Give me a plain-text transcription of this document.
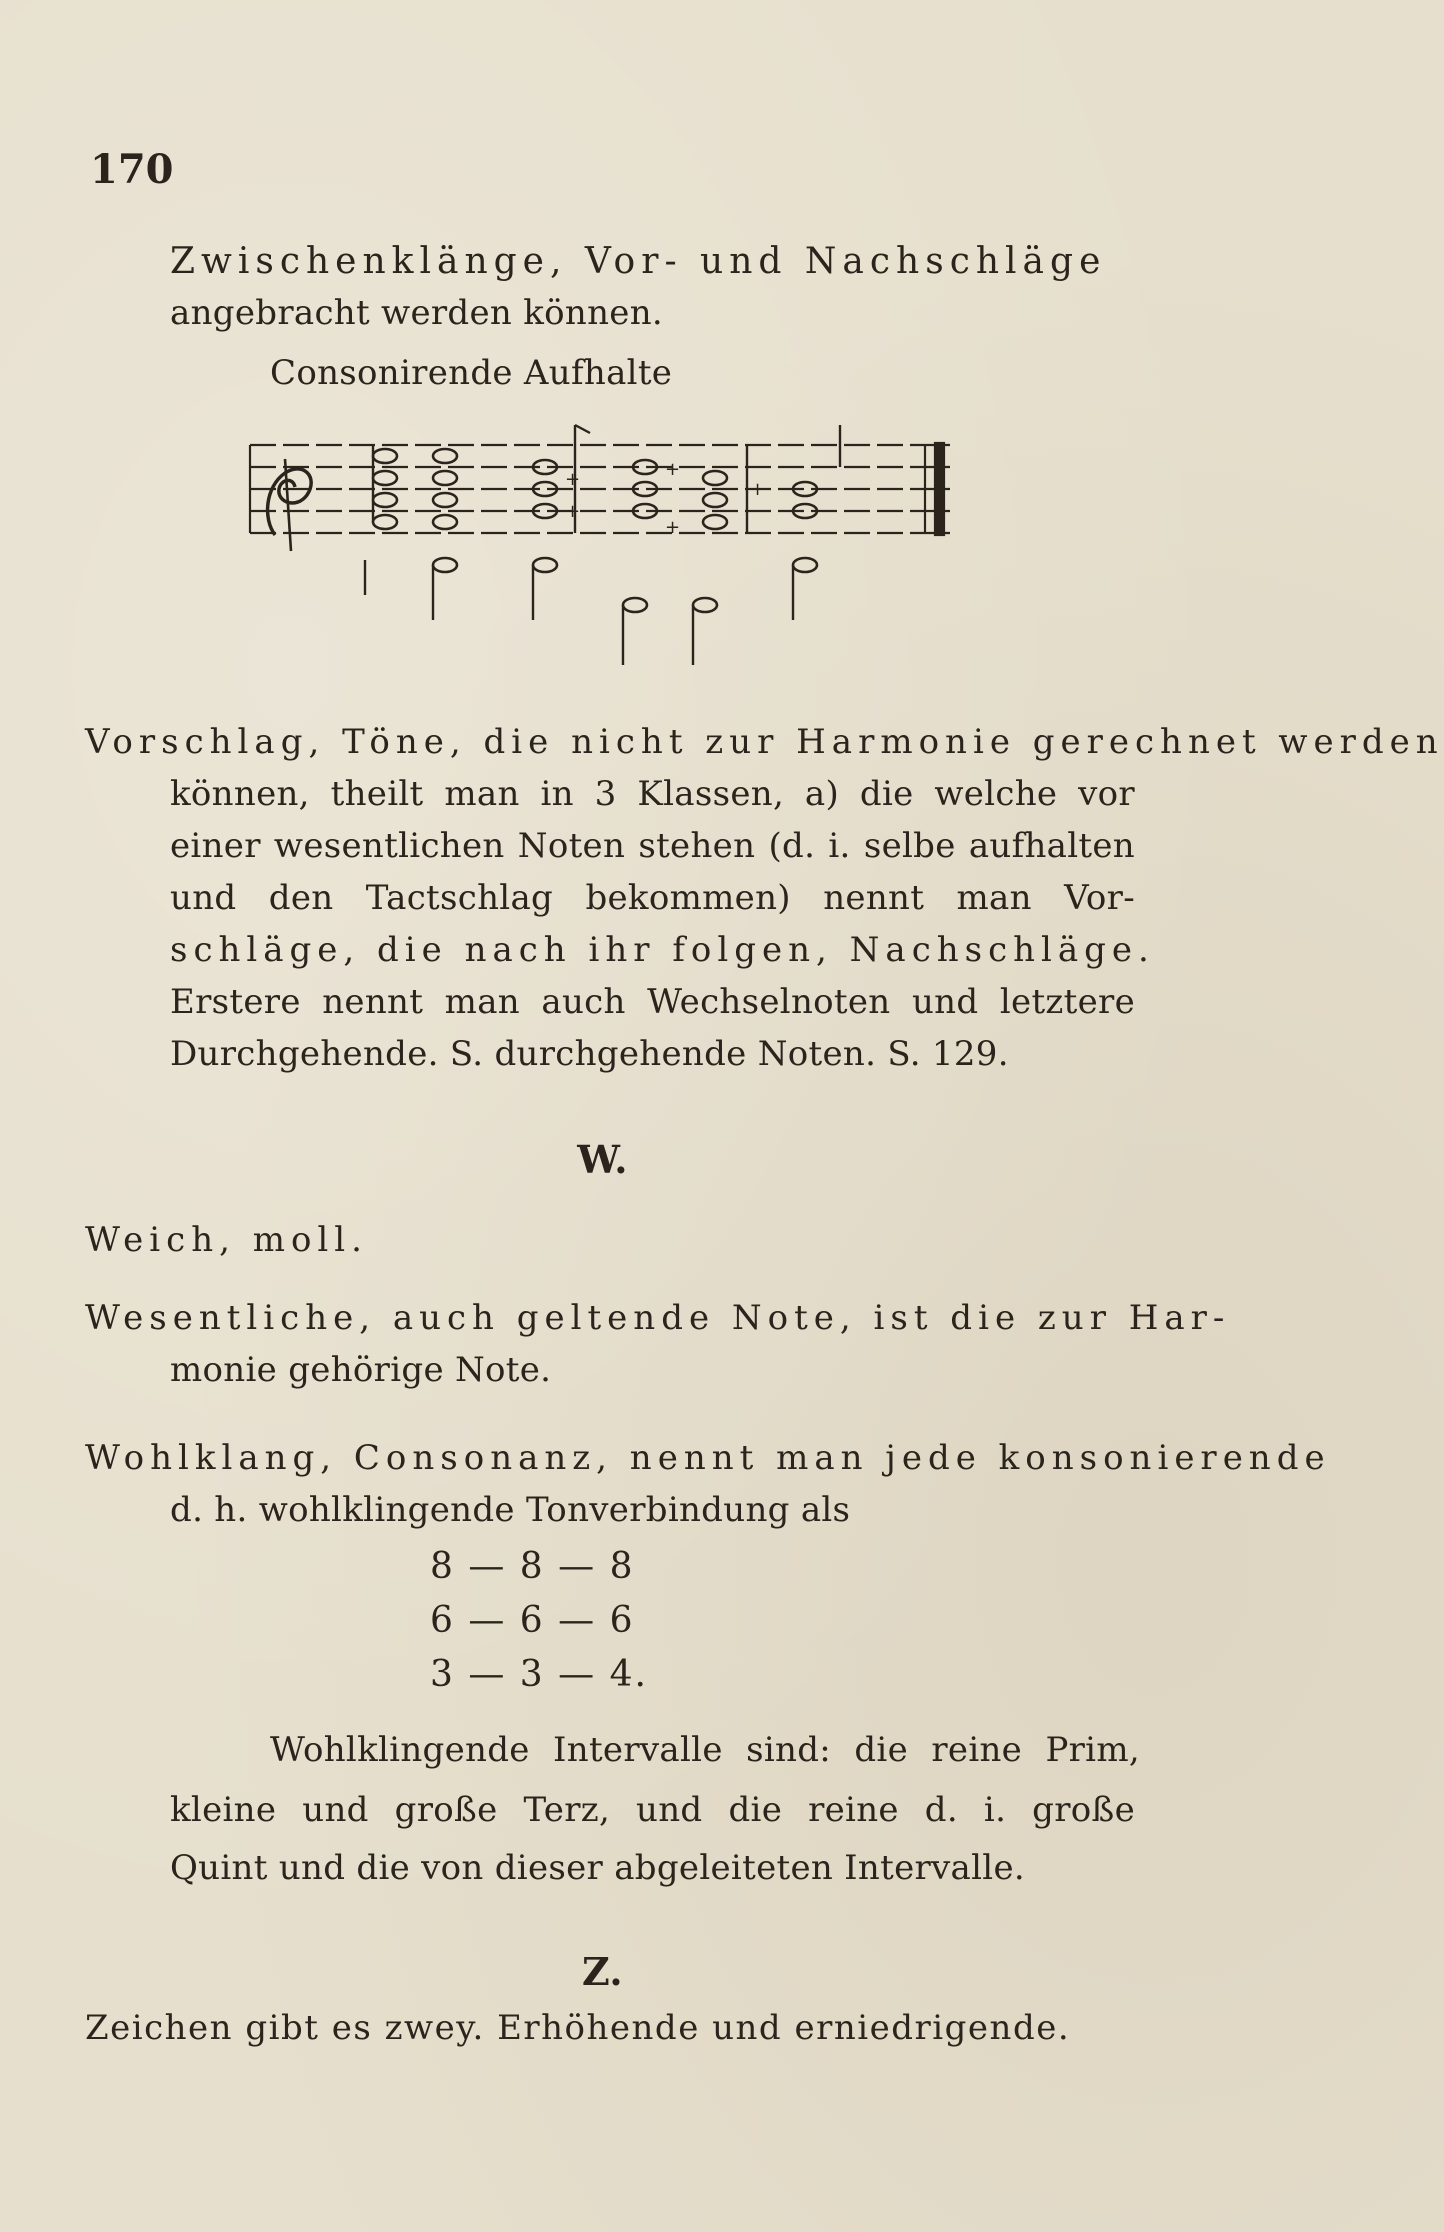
170
Zwischenklänge, Vor- und Nachschläge
angebracht werden können.
Consonirende Aufhalte
+
+
+
+
+
Vorschlag, Töne, die nicht zur Harmonie gerechnet werden
können, theilt man in 3 Klassen, a) die welche vor
einer wesentlichen Noten stehen (d. i. selbe aufhalten
und den Tactschlag bekommen) nennt man Vor-
schläge, die nach ihr folgen, Nachschläge.
Erstere nennt man auch Wechselnoten und letztere
Durchgehende. S. durchgehende Noten. S. 129.
W.
Weich, moll.
Wesentliche, auch geltende Note, ist die zur Har-
monie gehörige Note.
Wohlklang, Consonanz, nennt man jede konsonierende
d. h. wohlklingende Tonverbindung als
8 — 8 — 8
6 — 6 — 6
3 — 3 — 4.
Wohlklingende Intervalle sind: die reine Prim,
kleine und große Terz, und die reine d. i. große
Quint und die von dieser abgeleiteten Intervalle.
Z.
Zeichen gibt es zwey. Erhöhende und erniedrigende.
